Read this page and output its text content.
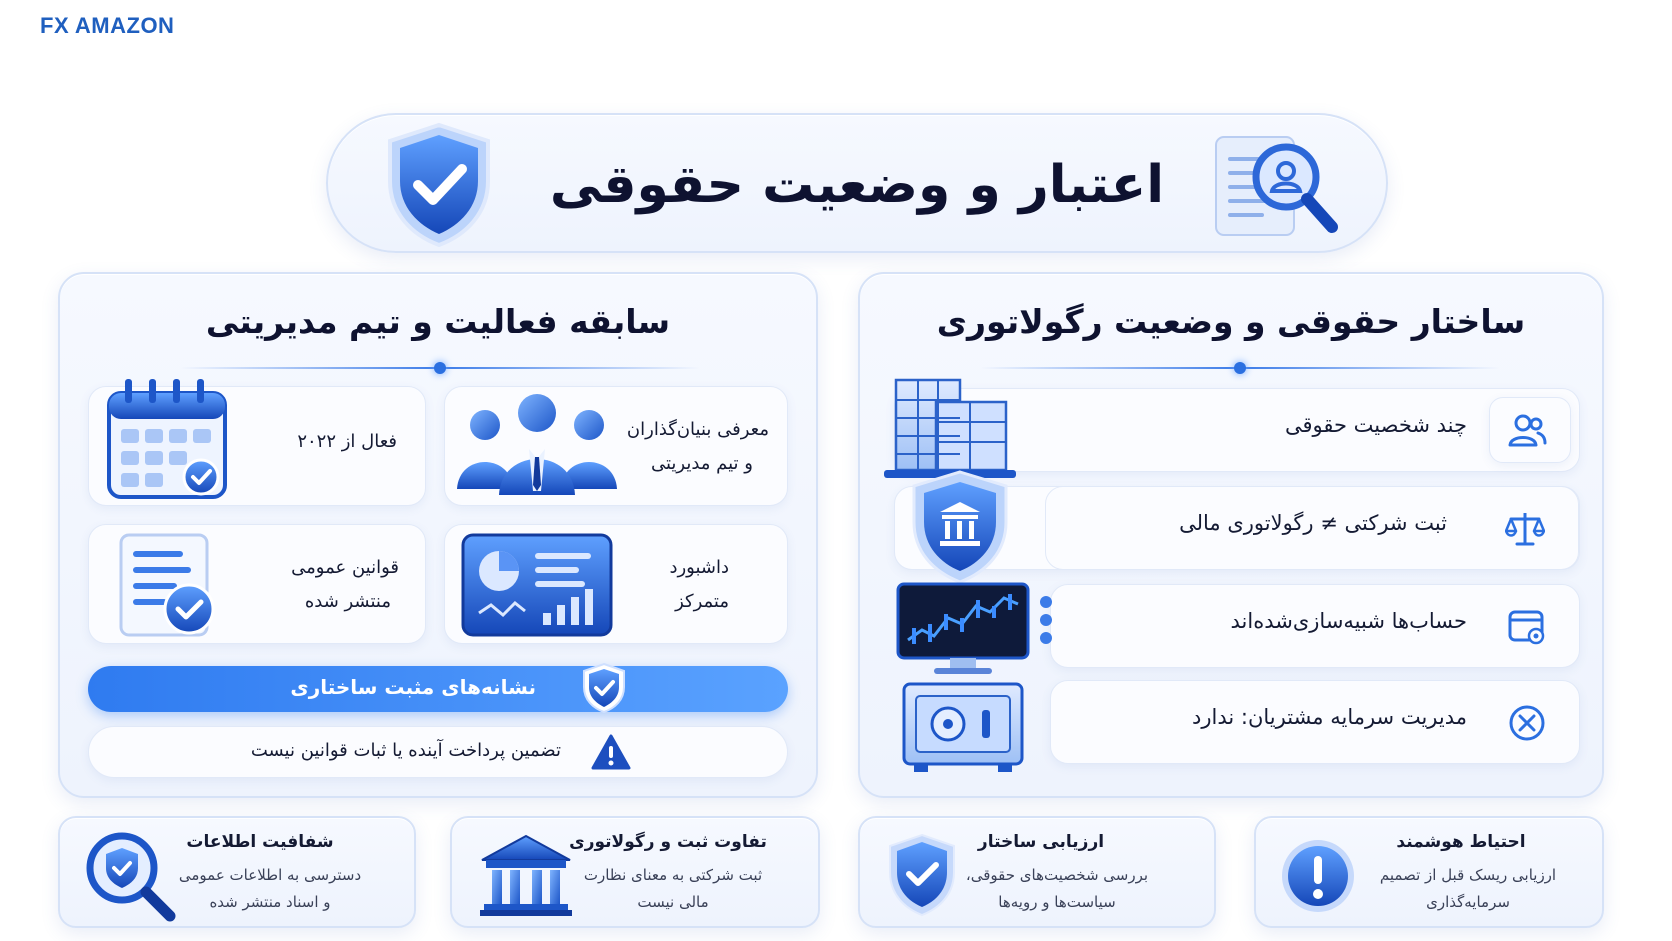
FX AMAZON
اعتبار و وضعیت حقوقی
ساختار حقوقی و وضعیت رگولاتوری
چند شخصیت حقوقی
ثبت شرکتی ≠ رگولاتوری مالی
حساب‌ها شبیه‌سازی‌شده‌اند
مدیریت سرمایه مشتریان: ندارد
سابقه فعالیت و تیم مدیریتی
معرفی بنیان‌گذاران
و تیم مدیریتی
فعال از ۲۰۲۲
داشبورد
متمرکز
قوانین عمومی
منتشر شده
نشانه‌های مثبت ساختاری
تضمین پرداخت آینده یا ثبات قوانین نیست
احتیاط هوشمند
ارزیابی ریسک قبل از تصمیم
سرمایه‌گذاری
ارزیابی ساختار
بررسی شخصیت‌های حقوقی،
سیاست‌ها و رویه‌ها
تفاوت ثبت و رگولاتوری
ثبت شرکتی به معنای نظارت
مالی نیست
شفافیت اطلاعات
دسترسی به اطلاعات عمومی
و اسناد منتشر شده
